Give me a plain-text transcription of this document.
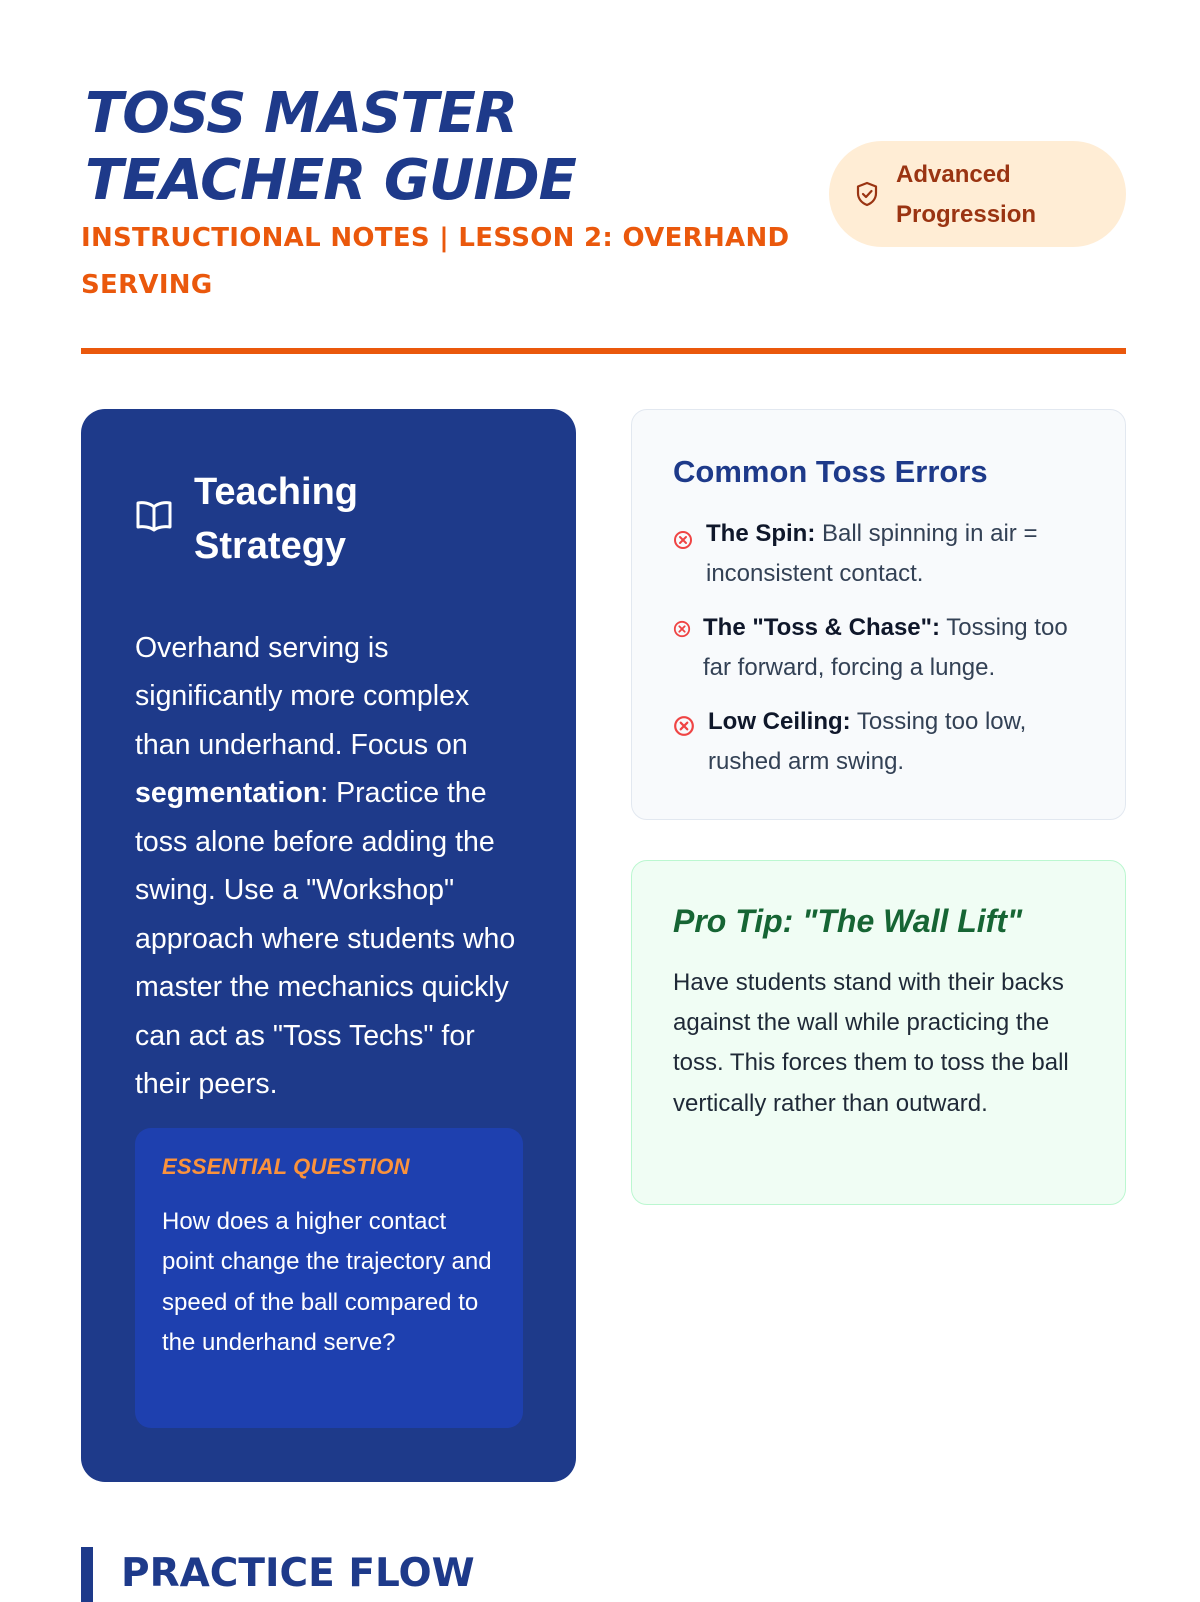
TOSS MASTER
TEACHER GUIDE
INSTRUCTIONAL NOTES | LESSON 2: OVERHAND SERVING
Advanced Progression
Teaching Strategy

Overhand serving is significantly more complex than underhand. Focus on segmentation: Practice the toss alone before adding the swing. Use a "Workshop" approach where students who master the mechanics quickly can act as "Toss Techs" for their peers.

ESSENTIAL QUESTION
How does a higher contact point change the trajectory and speed of the ball compared to the underhand serve?
Common Toss Errors
The Spin: Ball spinning in air = inconsistent contact.
The "Toss & Chase": Tossing too far forward, forcing a lunge.
Low Ceiling: Tossing too low, rushed arm swing.
Pro Tip: "The Wall Lift"

Have students stand with their backs against the wall while practicing the toss. This forces them to toss the ball vertically rather than outward.

PRACTICE FLOW
